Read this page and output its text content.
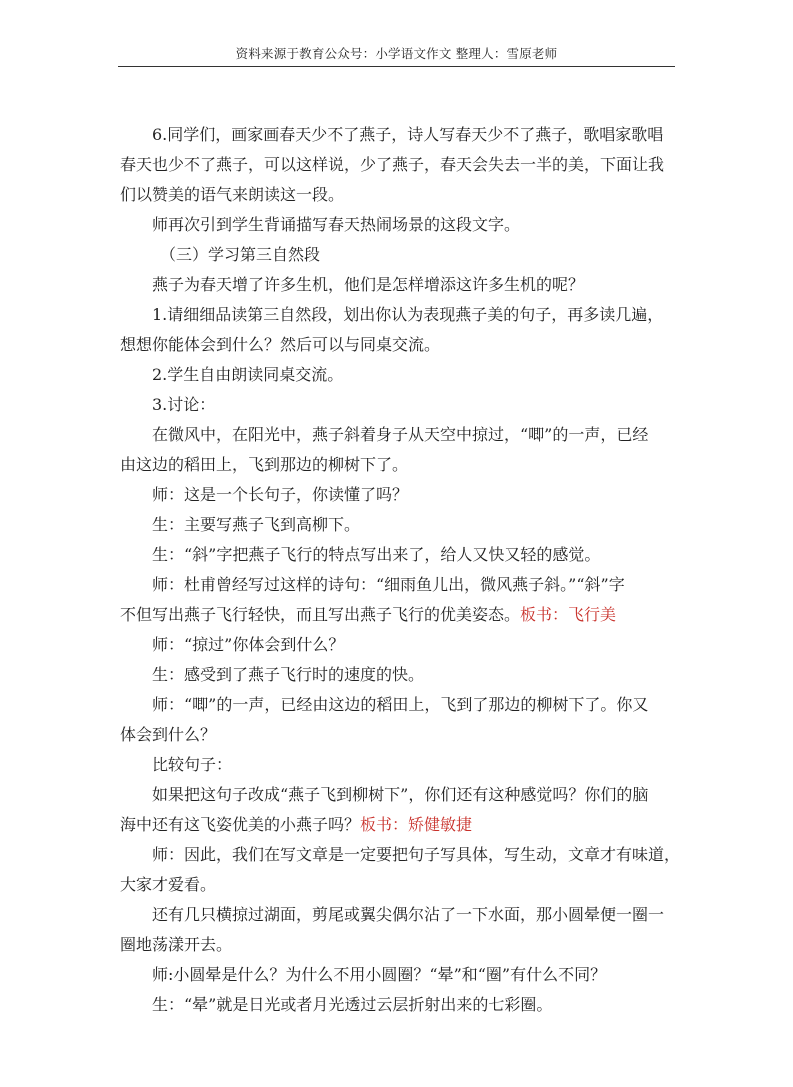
资料来源于教育公众号：小学语文作文 整理人：雪原老师
6.同学们，画家画春天少不了燕子，诗人写春天少不了燕子，歌唱家歌唱
春天也少不了燕子，可以这样说，少了燕子，春天会失去一半的美，下面让我
们以赞美的语气来朗读这一段。
师再次引到学生背诵描写春天热闹场景的这段文字。
（三）学习第三自然段
燕子为春天增了许多生机，他们是怎样增添这许多生机的呢？
1.请细细品读第三自然段，划出你认为表现燕子美的句子，再多读几遍，
想想你能体会到什么？然后可以与同桌交流。
2.学生自由朗读同桌交流。
3.讨论：
在微风中，在阳光中，燕子斜着身子从天空中掠过，“唧”的一声，已经
由这边的稻田上，飞到那边的柳树下了。
师：这是一个长句子，你读懂了吗？
生：主要写燕子飞到高柳下。
生：“斜”字把燕子飞行的特点写出来了，给人又快又轻的感觉。
师：杜甫曾经写过这样的诗句：“细雨鱼儿出，微风燕子斜。”“斜”字
不但写出燕子飞行轻快，而且写出燕子飞行的优美姿态。板书：飞行美
师：“掠过”你体会到什么？
生：感受到了燕子飞行时的速度的快。
师：“唧”的一声，已经由这边的稻田上，飞到了那边的柳树下了。你又
体会到什么？
比较句子：
如果把这句子改成“燕子飞到柳树下”，你们还有这种感觉吗？你们的脑
海中还有这飞姿优美的小燕子吗？板书：矫健敏捷
师：因此，我们在写文章是一定要把句子写具体，写生动，文章才有味道，
大家才爱看。
还有几只横掠过湖面，剪尾或翼尖偶尔沾了一下水面，那小圆晕便一圈一
圈地荡漾开去。
师:小圆晕是什么？为什么不用小圆圈？“晕”和“圈”有什么不同？
生：“晕”就是日光或者月光透过云层折射出来的七彩圈。
